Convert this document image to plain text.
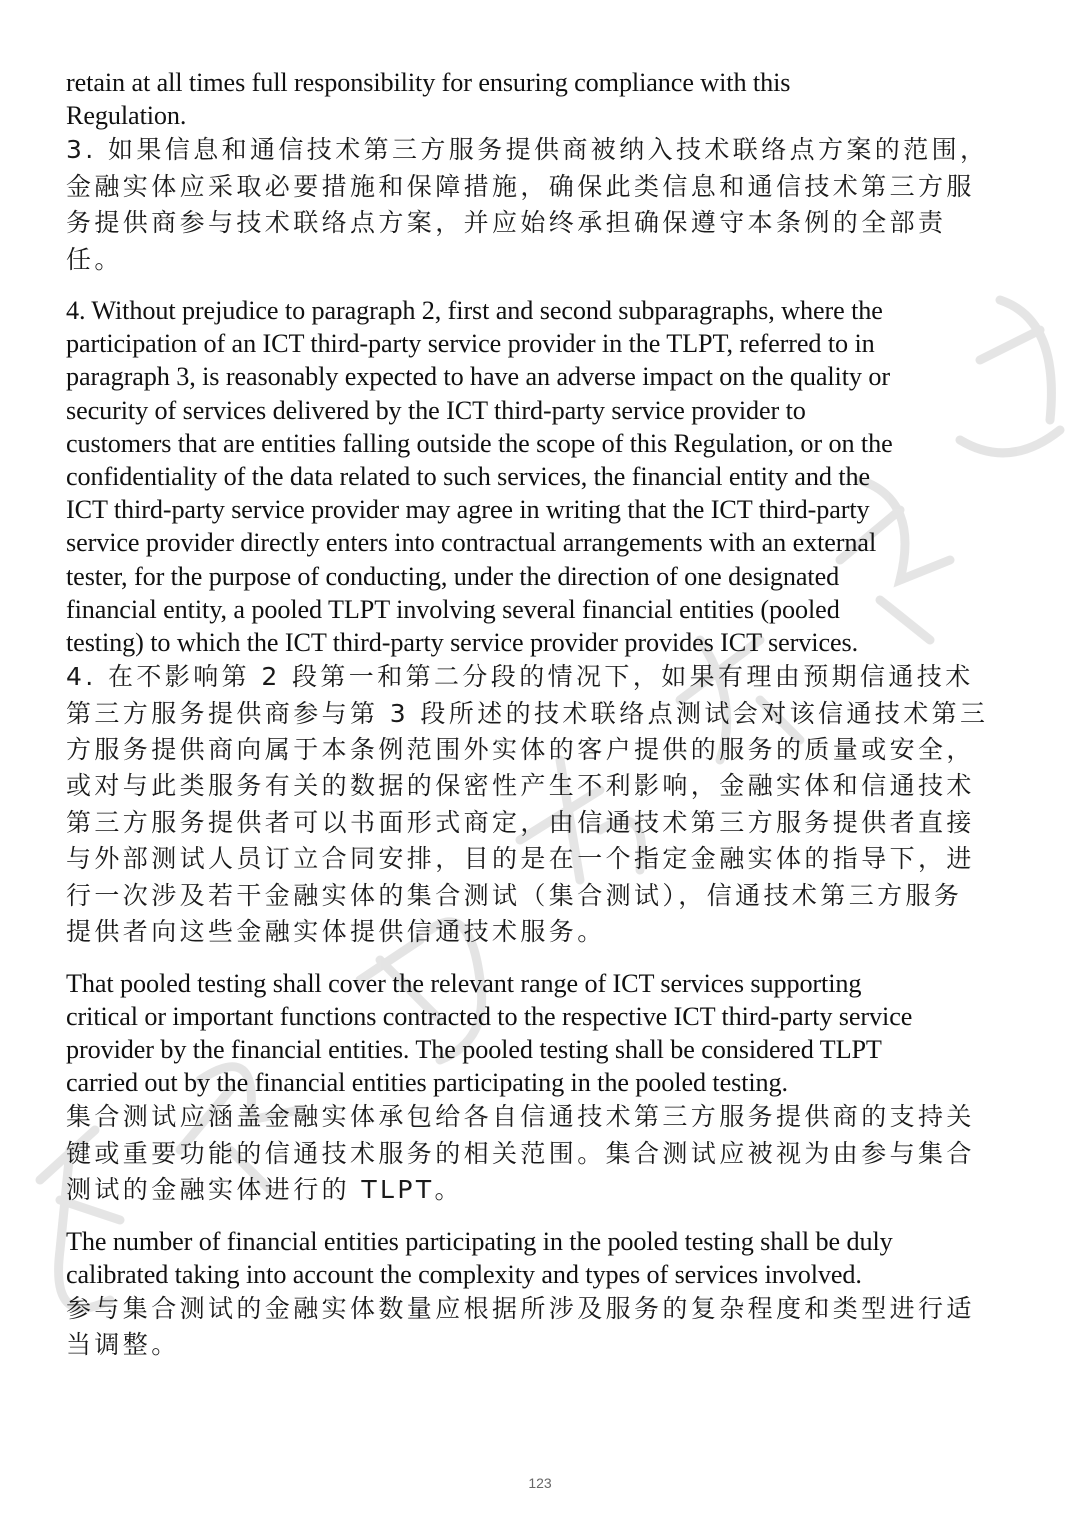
retain at all times full responsibility for ensuring compliance with this
Regulation.

3. 如果信息和通信技术第三方服务提供商被纳入技术联络点方案的范围，
金融实体应采取必要措施和保障措施，确保此类信息和通信技术第三方服
务提供商参与技术联络点方案，并应始终承担确保遵守本条例的全部责
任。

4. Without prejudice to paragraph 2, first and second subparagraphs, where the
participation of an ICT third-party service provider in the TLPT, referred to in
paragraph 3, is reasonably expected to have an adverse impact on the quality or
security of services delivered by the ICT third-party service provider to
customers that are entities falling outside the scope of this Regulation, or on the
confidentiality of the data related to such services, the financial entity and the
ICT third-party service provider may agree in writing that the ICT third-party
service provider directly enters into contractual arrangements with an external
tester, for the purpose of conducting, under the direction of one designated
financial entity, a pooled TLPT involving several financial entities (pooled
testing) to which the ICT third-party service provider provides ICT services.

4. 在不影响第 2 段第一和第二分段的情况下，如果有理由预期信通技术
第三方服务提供商参与第 3 段所述的技术联络点测试会对该信通技术第三
方服务提供商向属于本条例范围外实体的客户提供的服务的质量或安全，
或对与此类服务有关的数据的保密性产生不利影响，金融实体和信通技术
第三方服务提供者可以书面形式商定，由信通技术第三方服务提供者直接
与外部测试人员订立合同安排，目的是在一个指定金融实体的指导下，进
行一次涉及若干金融实体的集合测试（集合测试），信通技术第三方服务
提供者向这些金融实体提供信通技术服务。

That pooled testing shall cover the relevant range of ICT services supporting
critical or important functions contracted to the respective ICT third-party service
provider by the financial entities. The pooled testing shall be considered TLPT
carried out by the financial entities participating in the pooled testing.

集合测试应涵盖金融实体承包给各自信通技术第三方服务提供商的支持关
键或重要功能的信通技术服务的相关范围。集合测试应被视为由参与集合
测试的金融实体进行的 TLPT。

The number of financial entities participating in the pooled testing shall be duly
calibrated taking into account the complexity and types of services involved.

参与集合测试的金融实体数量应根据所涉及服务的复杂程度和类型进行适
当调整。

123
